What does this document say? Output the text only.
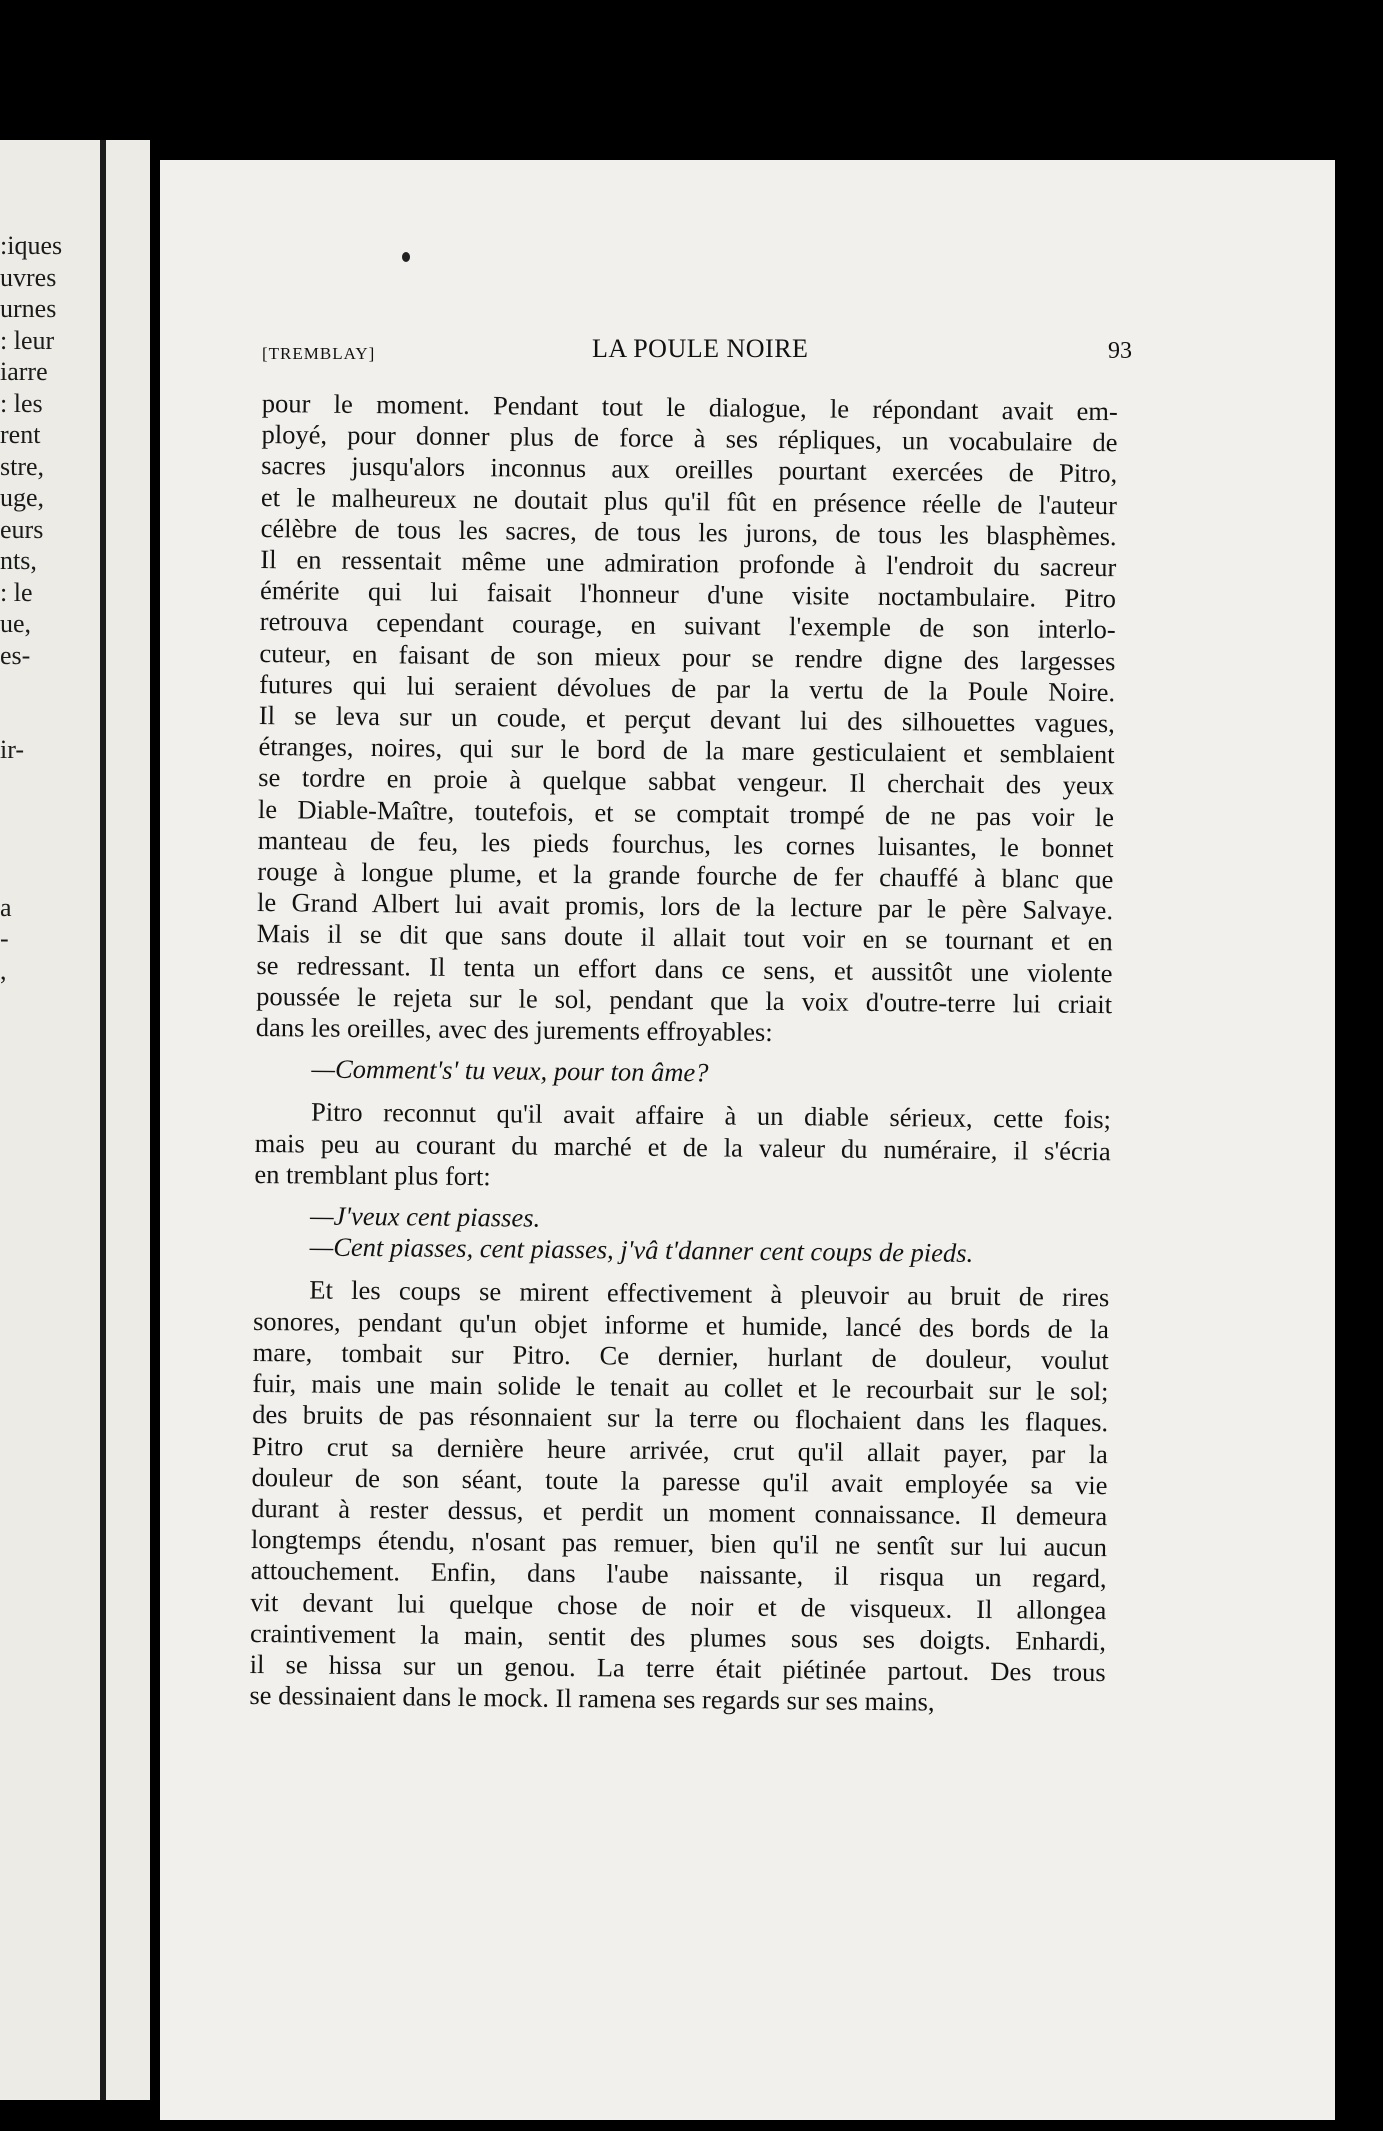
:iques
uvres
urnes
: leur
iarre
: les
rent
stre,
uge,
eurs
nts,
: le
ue,
es-
ir-
a
-
,
[TREMBLAY]	LA POULE NOIRE	93
pour le moment. Pendant tout le dialogue, le répondant avait em-
ployé, pour donner plus de force à ses répliques, un vocabulaire de
sacres jusqu'alors inconnus aux oreilles pourtant exercées de Pitro,
et le malheureux ne doutait plus qu'il fût en présence réelle de l'auteur
célèbre de tous les sacres, de tous les jurons, de tous les blasphèmes.
Il en ressentait même une admiration profonde à l'endroit du sacreur
émérite qui lui faisait l'honneur d'une visite noctambulaire. Pitro
retrouva cependant courage, en suivant l'exemple de son interlo-
cuteur, en faisant de son mieux pour se rendre digne des largesses
futures qui lui seraient dévolues de par la vertu de la Poule Noire.
Il se leva sur un coude, et perçut devant lui des silhouettes vagues,
étranges, noires, qui sur le bord de la mare gesticulaient et semblaient
se tordre en proie à quelque sabbat vengeur. Il cherchait des yeux
le Diable-Maître, toutefois, et se comptait trompé de ne pas voir le
manteau de feu, les pieds fourchus, les cornes luisantes, le bonnet
rouge à longue plume, et la grande fourche de fer chauffé à blanc que
le Grand Albert lui avait promis, lors de la lecture par le père Salvaye.
Mais il se dit que sans doute il allait tout voir en se tournant et en
se redressant. Il tenta un effort dans ce sens, et aussitôt une violente
poussée le rejeta sur le sol, pendant que la voix d'outre-terre lui criait
dans les oreilles, avec des jurements effroyables:
—Comment's' tu veux, pour ton âme?
Pitro reconnut qu'il avait affaire à un diable sérieux, cette fois;
mais peu au courant du marché et de la valeur du numéraire, il s'écria
en tremblant plus fort:
—J'veux cent piasses.
—Cent piasses, cent piasses, j'vâ t'danner cent coups de pieds.
Et les coups se mirent effectivement à pleuvoir au bruit de rires
sonores, pendant qu'un objet informe et humide, lancé des bords de la
mare, tombait sur Pitro. Ce dernier, hurlant de douleur, voulut
fuir, mais une main solide le tenait au collet et le recourbait sur le sol;
des bruits de pas résonnaient sur la terre ou flochaient dans les flaques.
Pitro crut sa dernière heure arrivée, crut qu'il allait payer, par la
douleur de son séant, toute la paresse qu'il avait employée sa vie
durant à rester dessus, et perdit un moment connaissance. Il demeura
longtemps étendu, n'osant pas remuer, bien qu'il ne sentît sur lui aucun
attouchement. Enfin, dans l'aube naissante, il risqua un regard,
vit devant lui quelque chose de noir et de visqueux. Il allongea
craintivement la main, sentit des plumes sous ses doigts. Enhardi,
il se hissa sur un genou. La terre était piétinée partout. Des trous
se dessinaient dans le mock. Il ramena ses regards sur ses mains,
